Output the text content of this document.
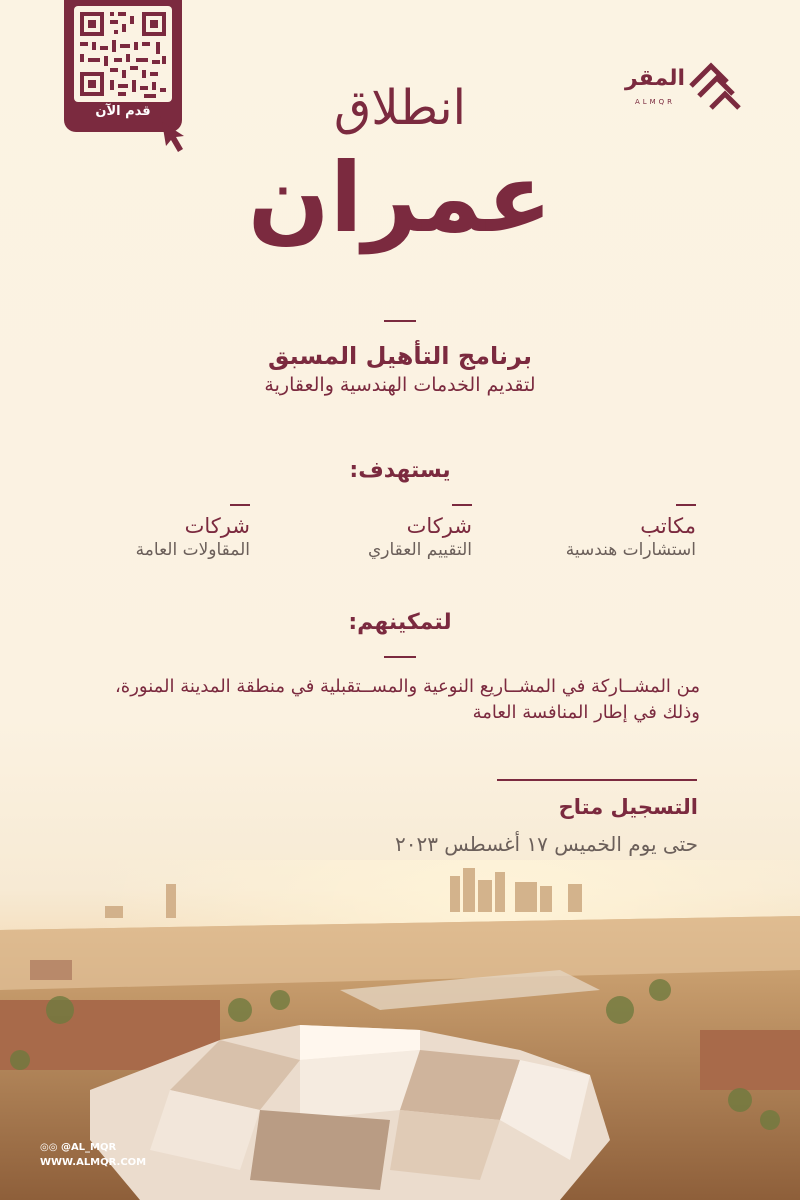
قدم الآن
المقر
ALMQR
انطلاق
عمران
برنامج التأهيل المسبق
لتقديم الخدمات الهندسية والعقارية
يستهدف:
مكاتب
استشارات هندسية
شركات
التقييم العقاري
شركات
المقاولات العامة
لتمكينهم:
من المشــاركة في المشــاريع النوعية والمســتقبلية في منطقة المدينة المنورة، وذلك في إطار المنافسة العامة
التسجيل متاح
حتى يوم الخميس ١٧ أغسطس ٢٠٢٣
◎◎ @AL_MQR
WWW.ALMQR.COM
